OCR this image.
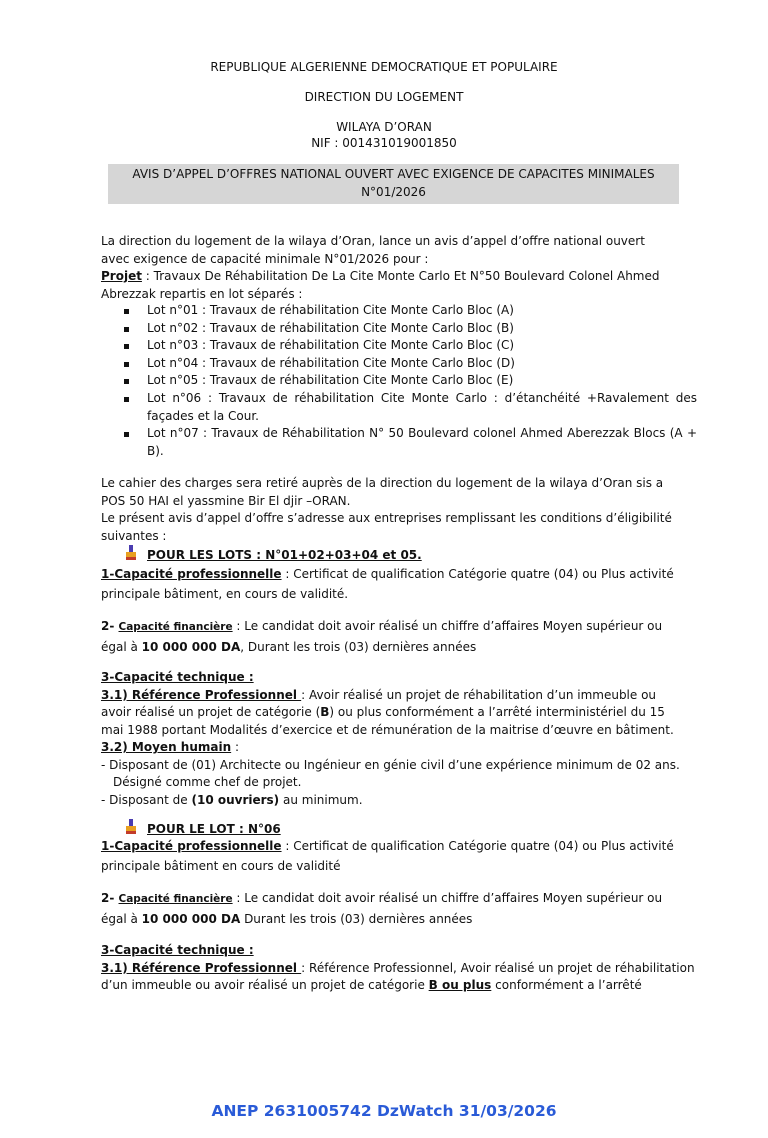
REPUBLIQUE ALGERIENNE DEMOCRATIQUE ET POPULAIRE
DIRECTION DU LOGEMENT
WILAYA D’ORAN
NIF : 001431019001850
AVIS D’APPEL D’OFFRES NATIONAL OUVERT AVEC EXIGENCE DE CAPACITES MINIMALES
N°01/2026
La direction du logement de la wilaya d’Oran, lance un avis d’appel d’offre national ouvert
avec exigence de capacité minimale N°01/2026 pour :
Projet : Travaux De Réhabilitation De La Cite Monte Carlo Et N°50 Boulevard Colonel Ahmed
Abrezzak repartis en lot séparés :
Lot n°01 : Travaux de réhabilitation Cite Monte Carlo Bloc (A)
Lot n°02 : Travaux de réhabilitation Cite Monte Carlo Bloc (B)
Lot n°03 : Travaux de réhabilitation Cite Monte Carlo Bloc (C)
Lot n°04 : Travaux de réhabilitation Cite Monte Carlo Bloc (D)
Lot n°05 : Travaux de réhabilitation Cite Monte Carlo Bloc (E)
Lot n°06 : Travaux de réhabilitation Cite Monte Carlo : d’étanchéité +Ravalement des façades et la Cour.
Lot n°07 : Travaux de Réhabilitation N° 50 Boulevard colonel Ahmed Aberezzak Blocs (A + B).
Le cahier des charges sera retiré auprès de la direction du logement de la wilaya d’Oran sis a
POS 50 HAI el yassmine Bir El djir –ORAN.
Le présent avis d’appel d’offre s’adresse aux entreprises remplissant les conditions d’éligibilité
suivantes :
POUR LES LOTS : N°01+02+03+04 et 05.
1-Capacité professionnelle : Certificat de qualification Catégorie quatre (04) ou Plus activité
principale bâtiment, en cours de validité.
2- Capacité financière : Le candidat doit avoir réalisé un chiffre d’affaires Moyen supérieur ou
égal à 10 000 000 DA, Durant les trois (03) dernières années
3-Capacité technique :
3.1) Référence Professionnel : Avoir réalisé un projet de réhabilitation d’un immeuble ou
avoir réalisé un projet de catégorie (B) ou plus conformément a l’arrêté interministériel du 15
mai 1988 portant Modalités d’exercice et de rémunération de la maitrise d’œuvre en bâtiment.
3.2) Moyen humain :
- Disposant de (01) Architecte ou Ingénieur en génie civil d’une expérience minimum de 02 ans.
Désigné comme chef de projet.
- Disposant de (10 ouvriers) au minimum.
POUR LE LOT : N°06
1-Capacité professionnelle : Certificat de qualification Catégorie quatre (04) ou Plus activité
principale bâtiment en cours de validité
2- Capacité financière : Le candidat doit avoir réalisé un chiffre d’affaires Moyen supérieur ou
égal à 10 000 000 DA Durant les trois (03) dernières années
3-Capacité technique :
3.1) Référence Professionnel : Référence Professionnel, Avoir réalisé un projet de réhabilitation
d’un immeuble ou avoir réalisé un projet de catégorie B ou plus conformément a l’arrêté
ANEP 2631005742 DzWatch 31/03/2026
